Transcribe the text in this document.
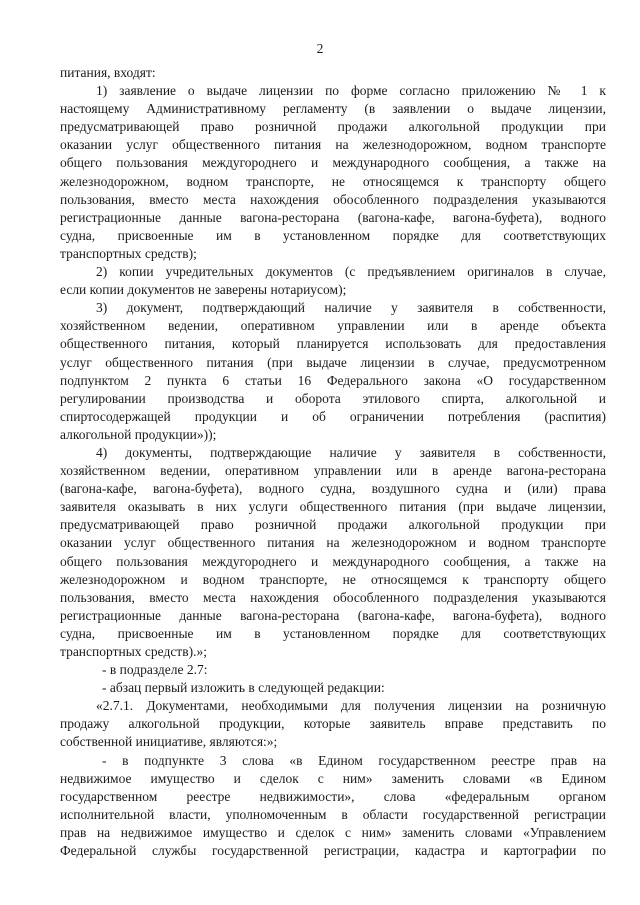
2
питания, входят:
1) заявление о выдаче лицензии по форме согласно приложению № 1 к
настоящему Административному регламенту (в заявлении о выдаче лицензии,
предусматривающей право розничной продажи алкогольной продукции при
оказании услуг общественного питания на железнодорожном, водном транспорте
общего пользования междугороднего и международного сообщения, а также на
железнодорожном, водном транспорте, не относящемся к транспорту общего
пользования, вместо места нахождения обособленного подразделения указываются
регистрационные данные вагона-ресторана (вагона-кафе, вагона-буфета), водного
судна, присвоенные им в установленном порядке для соответствующих
транспортных средств);
2) копии учредительных документов (с предъявлением оригиналов в случае,
если копии документов не заверены нотариусом);
3) документ, подтверждающий наличие у заявителя в собственности,
хозяйственном ведении, оперативном управлении или в аренде объекта
общественного питания, который планируется использовать для предоставления
услуг общественного питания (при выдаче лицензии в случае, предусмотренном
подпунктом 2 пункта 6 статьи 16 Федерального закона «О государственном
регулировании производства и оборота этилового спирта, алкогольной и
спиртосодержащей продукции и об ограничении потребления (распития)
алкогольной продукции»));
4) документы, подтверждающие наличие у заявителя в собственности,
хозяйственном ведении, оперативном управлении или в аренде вагона-ресторана
(вагона-кафе, вагона-буфета), водного судна, воздушного судна и (или) права
заявителя оказывать в них услуги общественного питания (при выдаче лицензии,
предусматривающей право розничной продажи алкогольной продукции при
оказании услуг общественного питания на железнодорожном и водном транспорте
общего пользования междугороднего и международного сообщения, а также на
железнодорожном и водном транспорте, не относящемся к транспорту общего
пользования, вместо места нахождения обособленного подразделения указываются
регистрационные данные вагона-ресторана (вагона-кафе, вагона-буфета), водного
судна, присвоенные им в установленном порядке для соответствующих
транспортных средств).»;
- в подразделе 2.7:
- абзац первый изложить в следующей редакции:
«2.7.1. Документами, необходимыми для получения лицензии на розничную
продажу алкогольной продукции, которые заявитель вправе представить по
собственной инициативе, являются:»;
- в подпункте 3 слова «в Едином государственном реестре прав на
недвижимое имущество и сделок с ним» заменить словами «в Едином
государственном реестре недвижимости», слова «федеральным органом
исполнительной власти, уполномоченным в области государственной регистрации
прав на недвижимое имущество и сделок с ним» заменить словами «Управлением
Федеральной службы государственной регистрации, кадастра и картографии по
